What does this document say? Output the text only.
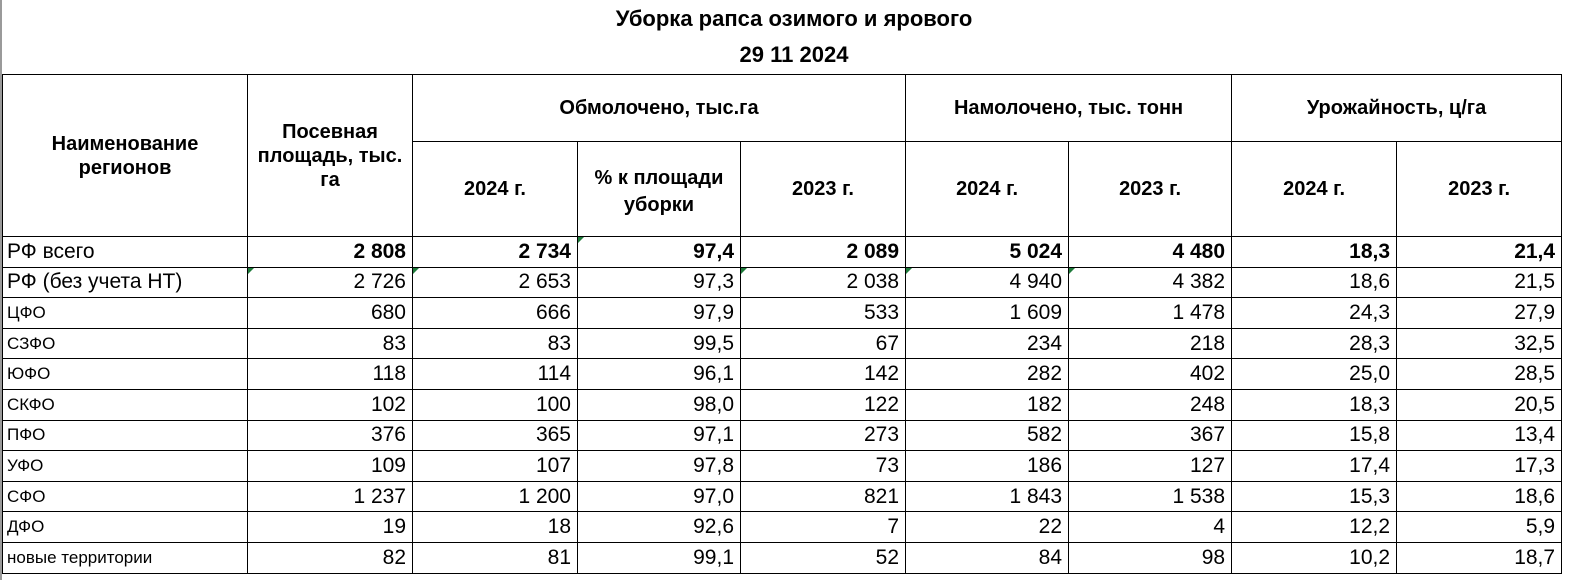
Уборка рапса озимого и ярового
29 11 2024
Наименование регионов	Посевная площадь, тыс. га	Обмолочено, тыс.га			Намолочено, тыс. тонн		Урожайность, ц/га	
		2024 г.	% к площади уборки	2023 г.	2024 г.	2023 г.	2024 г.	2023 г.
РФ всего	2 808	2 734	97,4	2 089	5 024	4 480	18,3	21,4
РФ (без учета НТ)	2 726	2 653	97,3	2 038	4 940	4 382	18,6	21,5
ЦФО	680	666	97,9	533	1 609	1 478	24,3	27,9
СЗФО	83	83	99,5	67	234	218	28,3	32,5
ЮФО	118	114	96,1	142	282	402	25,0	28,5
СКФО	102	100	98,0	122	182	248	18,3	20,5
ПФО	376	365	97,1	273	582	367	15,8	13,4
УФО	109	107	97,8	73	186	127	17,4	17,3
СФО	1 237	1 200	97,0	821	1 843	1 538	15,3	18,6
ДФО	19	18	92,6	7	22	4	12,2	5,9
новые территории	82	81	99,1	52	84	98	10,2	18,7
